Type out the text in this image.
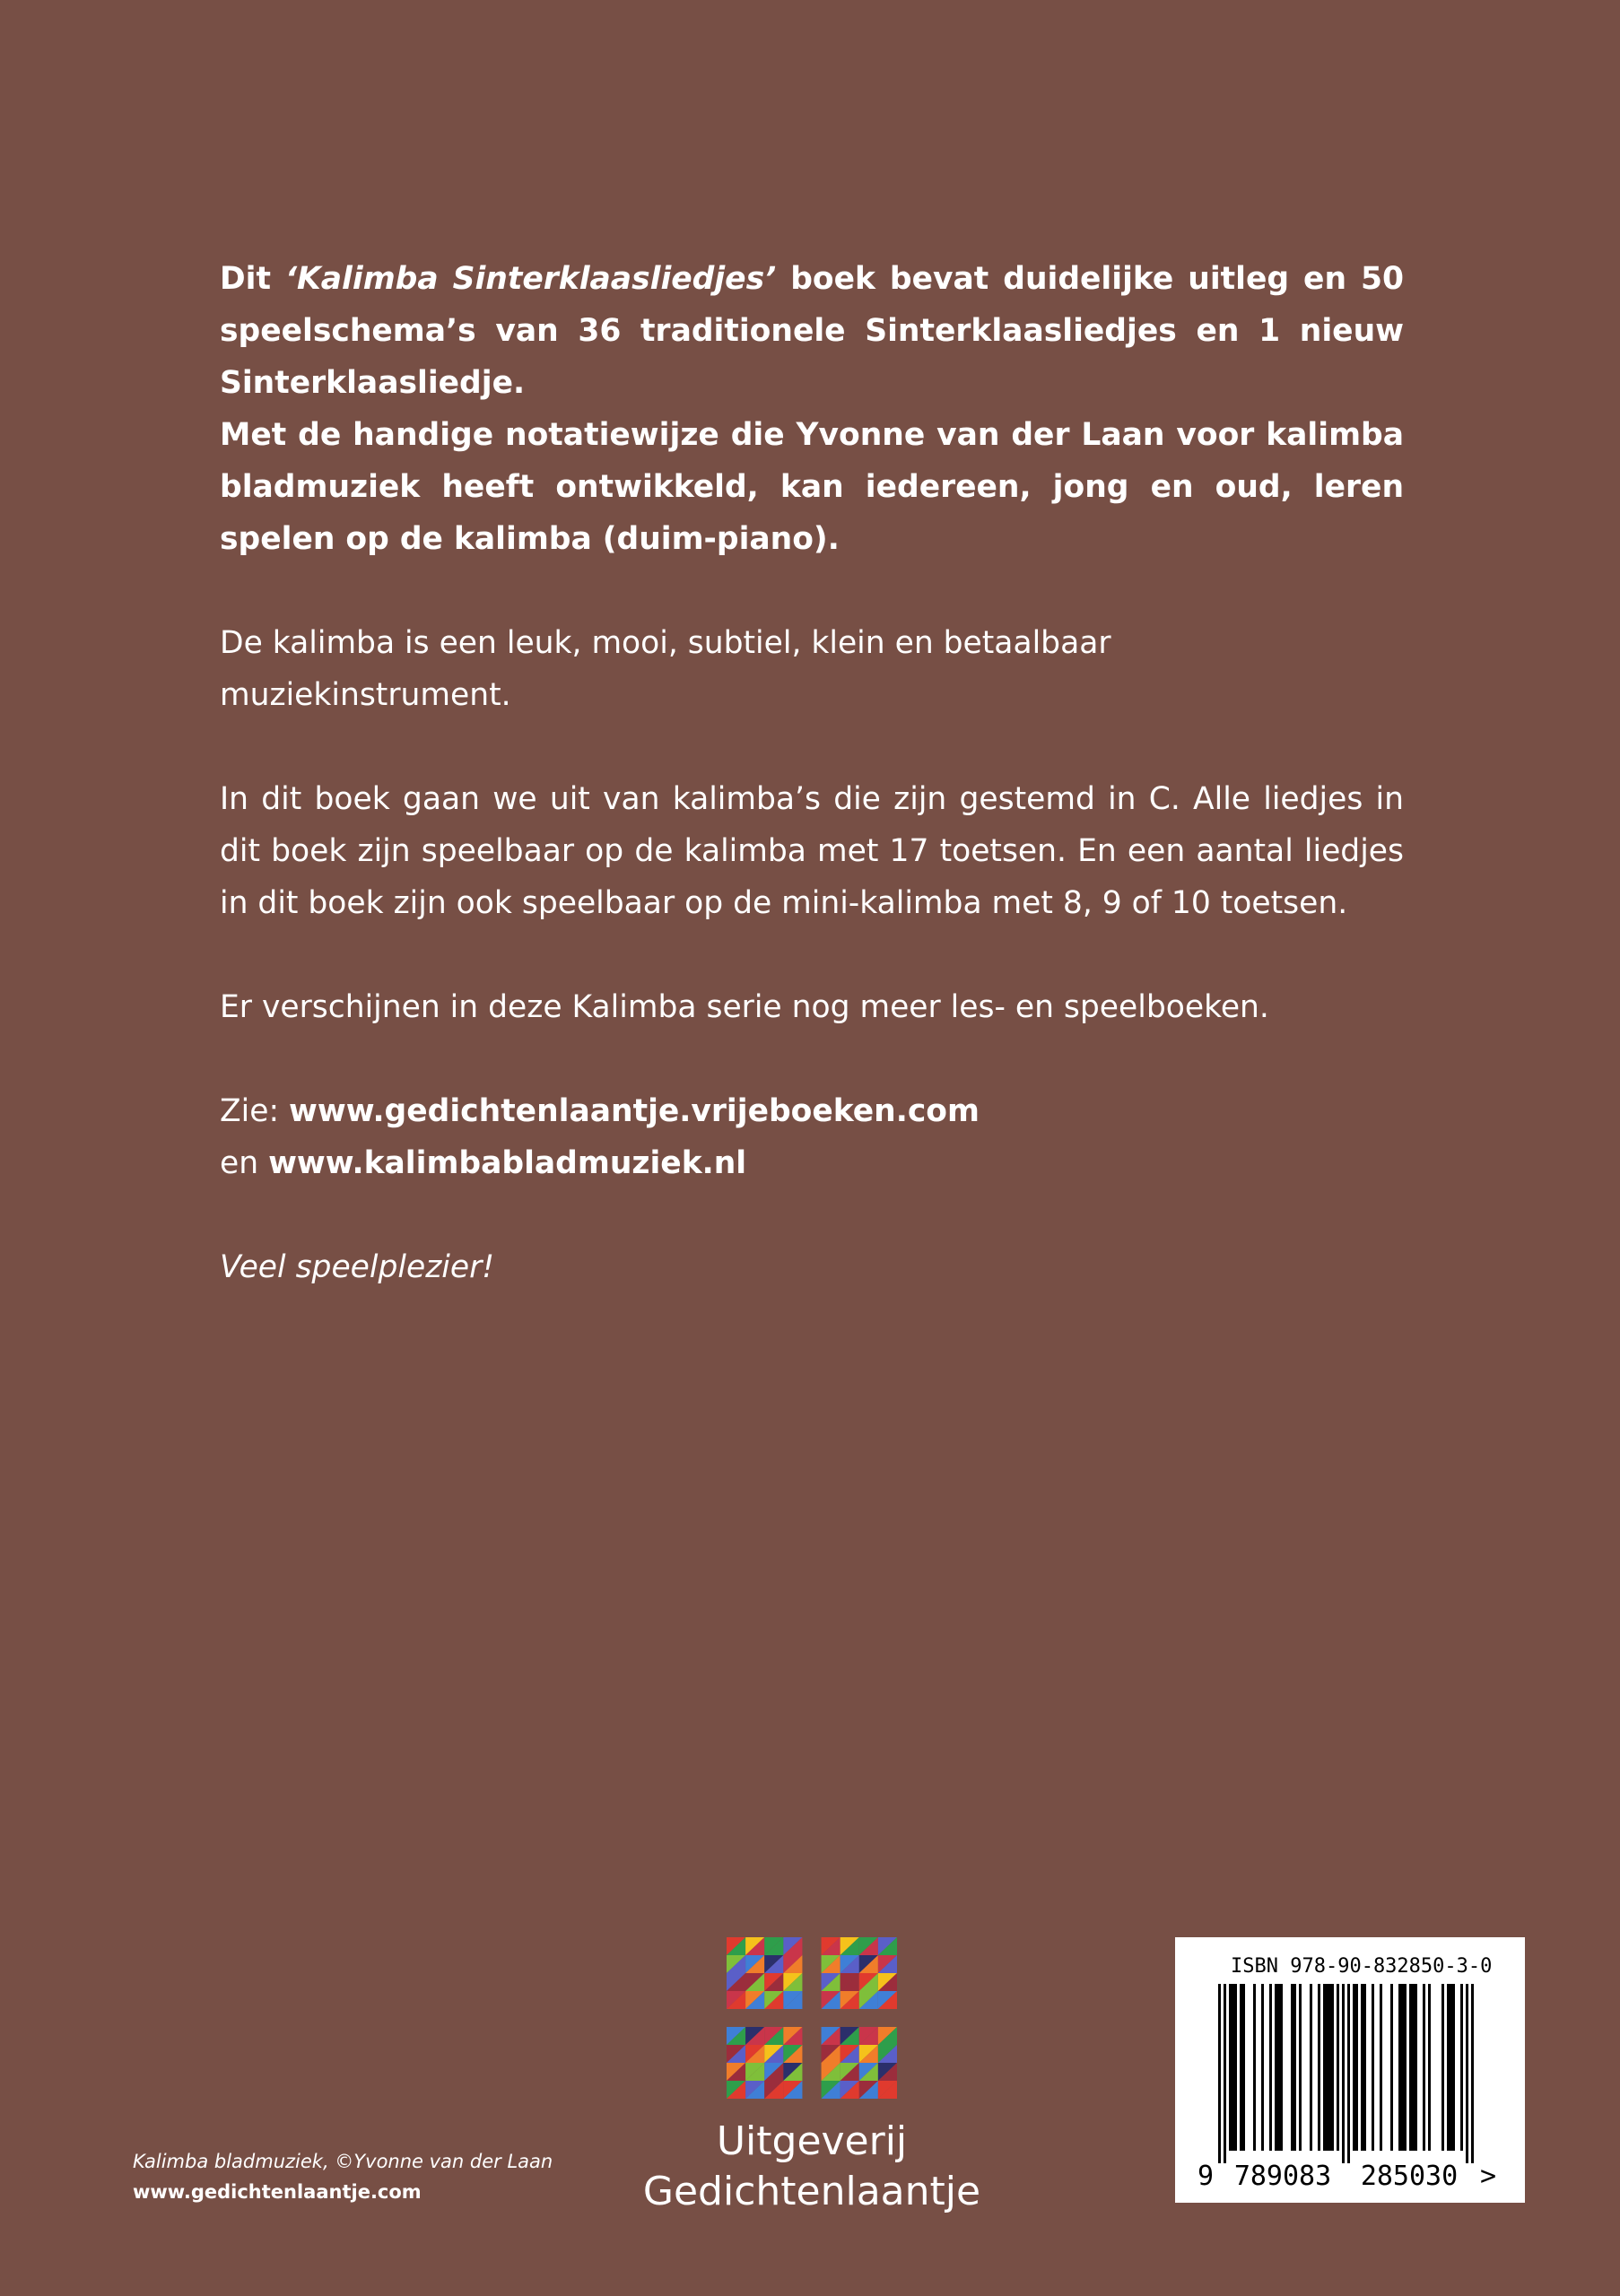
Dit ‘Kalimba Sinterklaasliedjes’ boek bevat duidelijke uitleg en 50 speelschema’s van 36 traditionele Sinterklaasliedjes en 1 nieuw Sinterklaasliedje.
Met de handige notatiewijze die Yvonne van der Laan voor kalimba bladmuziek heeft ontwikkeld, kan iedereen, jong en oud, leren spelen op de kalimba (duim-piano).

De kalimba is een leuk, mooi, subtiel, klein en betaalbaar muziekinstrument.

In dit boek gaan we uit van kalimba’s die zijn gestemd in C. Alle liedjes in dit boek zijn speelbaar op de kalimba met 17 toetsen. En een aantal liedjes in dit boek zijn ook speelbaar op de mini-kalimba met 8, 9 of 10 toetsen.

Er verschijnen in deze Kalimba serie nog meer les- en speelboeken.

Zie: www.gedichtenlaantje.vrijeboeken.com
en www.kalimbabladmuziek.nl

Veel speelplezier!

Uitgeverij
Gedichtenlaantje
Kalimba bladmuziek, ©Yvonne van der Laan
www.gedichtenlaantje.com
ISBN 978-90-832850-3-0
9 789083 285030 >
